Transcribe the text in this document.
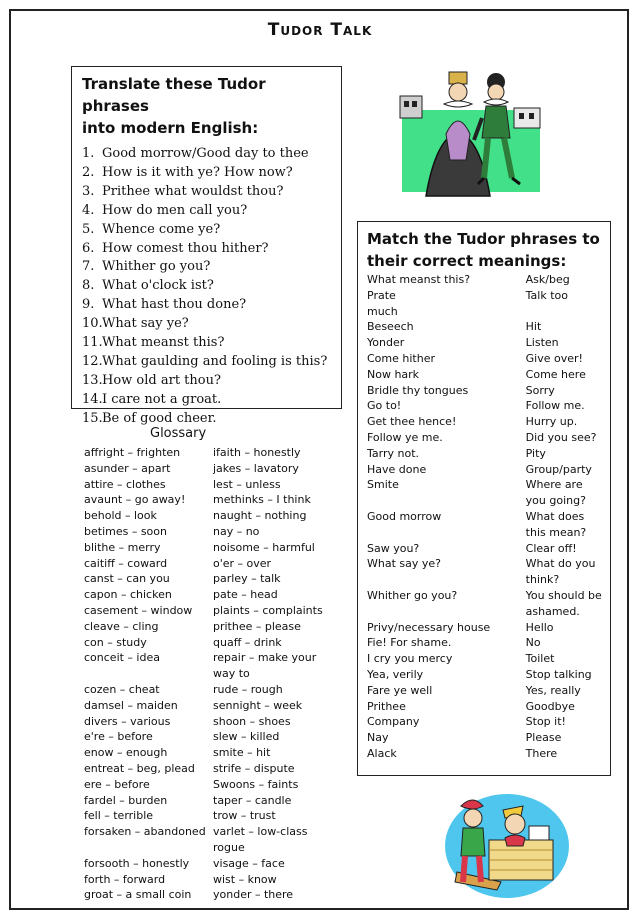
Tudor Talk
Translate these Tudor phrases
into modern English:
1. Good morrow/Good day to thee
2. How is it with ye? How now?
3. Prithee what wouldst thou?
4. How do men call you?
5. Whence come ye?
6. How comest thou hither?
7. Whither go you?
8. What o'clock ist?
9. What hast thou done?
10.What say ye?
11.What meanst this?
12.What gaulding and fooling is this?
13.How old art thou?
14.I care not a groat.
15.Be of good cheer.
Match the Tudor phrases to
their correct meanings:
What meanst this?
Prate
much
Beseech
Yonder
Come hither
Now hark
Bridle thy tongues
Go to!
Get thee hence!
Follow ye me.
Tarry not.
Have done
Smite

Good morrow

Saw you?
What say ye?

Whither go you?

Privy/necessary house
Fie! For shame.
I cry you mercy
Yea, verily
Fare ye well
Prithee
Company
Nay
Alack
Ask/beg
Talk too

Hit
Listen
Give over!
Come here
Sorry
Follow me.
Hurry up.
Did you see?
Pity
Group/party
Where are
you going?
What does
this mean?
Clear off!
What do you
think?
You should be
ashamed.
Hello
No
Toilet
Stop talking
Yes, really
Goodbye
Stop it!
Please
There
Glossary
affright – frighten
asunder – apart
attire – clothes
avaunt – go away!
behold – look
betimes – soon
blithe – merry
caitiff – coward
canst – can you
capon – chicken
casement – window
cleave – cling
con – study
conceit – idea

cozen – cheat
damsel – maiden
divers – various
e're – before
enow – enough
entreat – beg, plead
ere – before
fardel – burden
fell – terrible
forsaken – abandoned

forsooth – honestly
forth – forward
groat – a small coin
ifaith – honestly
jakes – lavatory
lest – unless
methinks – I think
naught – nothing
nay – no
noisome – harmful
o'er – over
parley – talk
pate – head
plaints – complaints
prithee – please
quaff – drink
repair – make your
way to
rude – rough
sennight – week
shoon – shoes
slew – killed
smite – hit
strife – dispute
Swoons – faints
taper – candle
trow – trust
varlet – low-class
rogue
visage – face
wist – know
yonder – there
